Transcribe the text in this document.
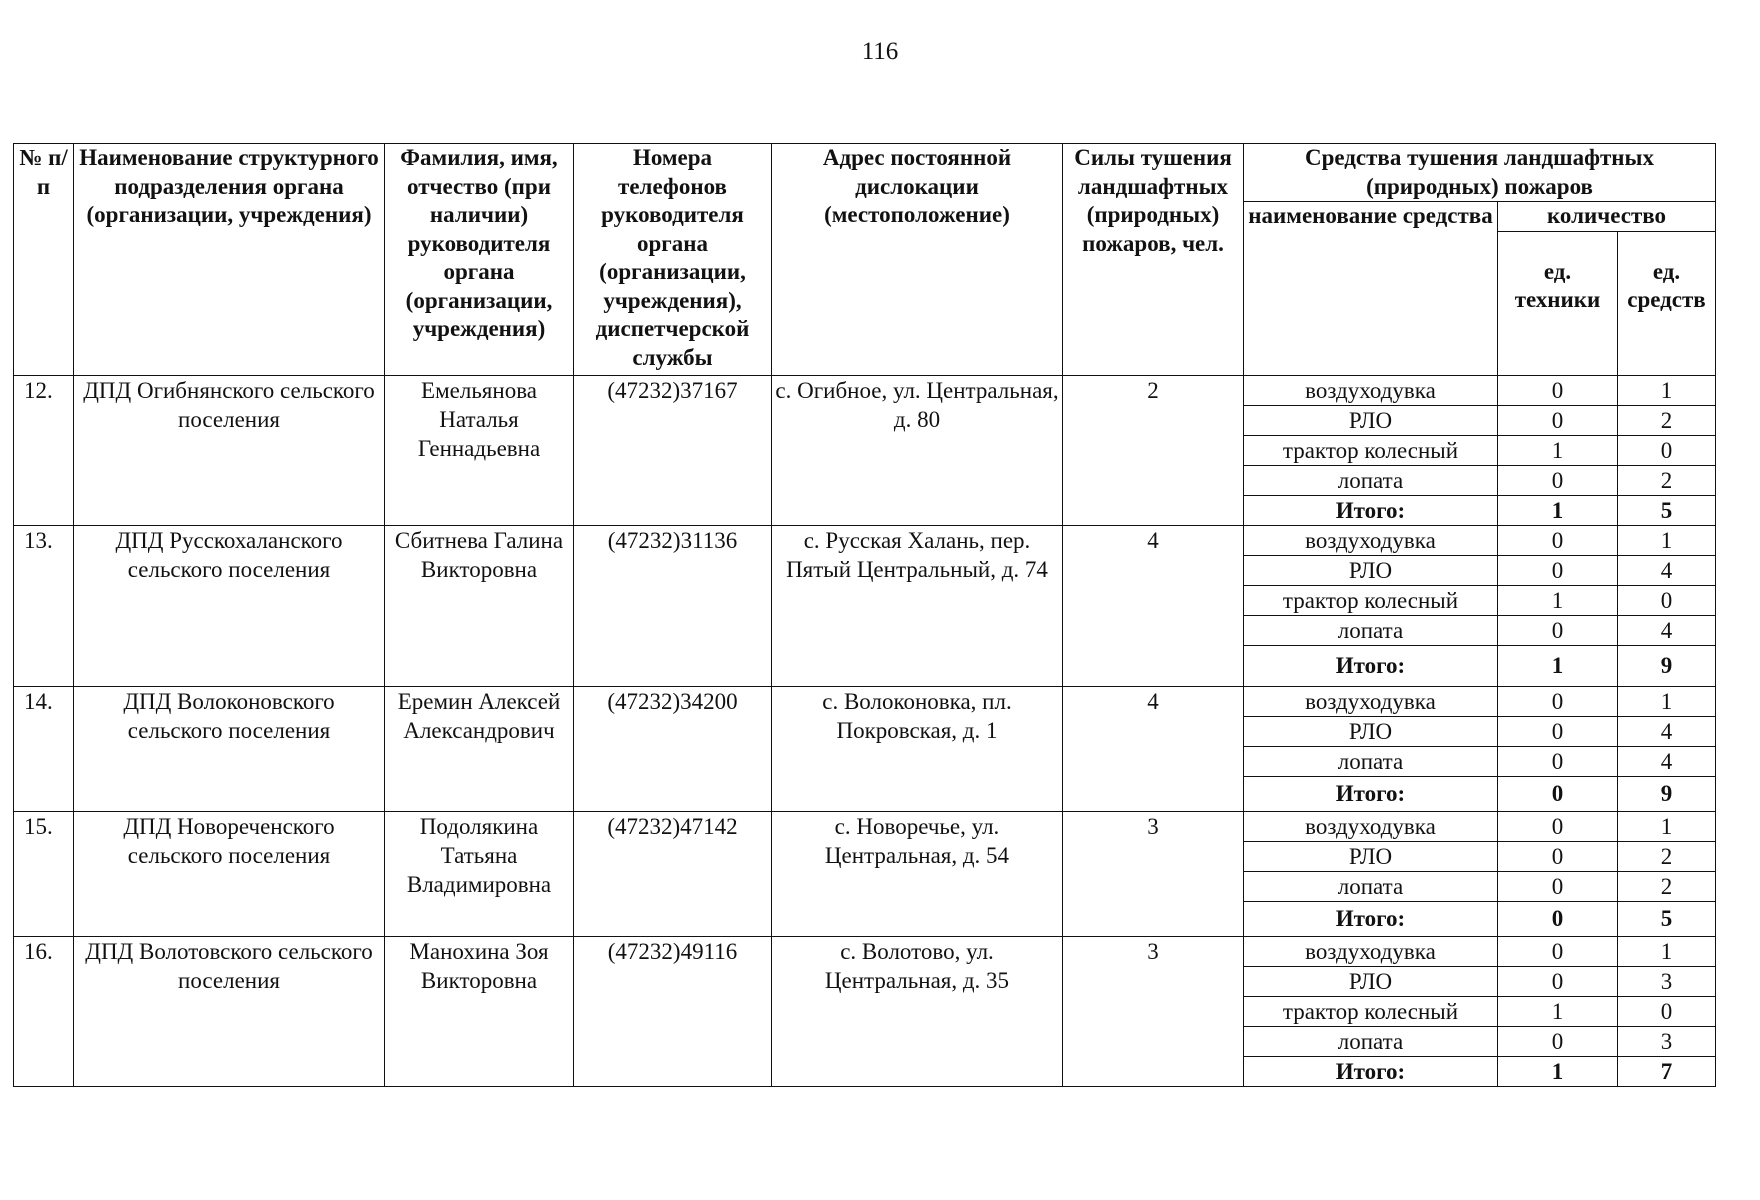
116
№ п/п	Наименование структурного подразделения органа (организации, учреждения)	Фамилия, имя, отчество (при наличии) руководителя органа (организации, учреждения)	Номера телефонов руководителя органа (организации, учреждения), диспетчерской службы	Адрес постоянной дислокации (местоположение)	Силы тушения ландшафтных (природных) пожаров, чел.	Средства тушения ландшафтных (природных) пожаров		
						наименование средства	количество	

							ед. техники	ед. средств

12.	ДПД Огибнянского сельского поселения	Емельянова Наталья Геннадьевна	(47232)37167	с. Огибное, ул. Центральная, д. 80	2	воздуходувка	0	1
						РЛО	0	2
						трактор колесный	1	0
						лопата	0	2
						Итого:	1	5
13.	ДПД Русскохаланского сельского поселения	Сбитнева Галина Викторовна	(47232)31136	с. Русская Халань, пер. Пятый Центральный, д. 74	4	воздуходувка	0	1
						РЛО	0	4
						трактор колесный	1	0
						лопата	0	4
						Итого:	1	9
14.	ДПД Волоконовского сельского поселения	Еремин Алексей Александрович	(47232)34200	с. Волоконовка, пл. Покровская, д. 1	4	воздуходувка	0	1
						РЛО	0	4
						лопата	0	4
						Итого:	0	9
15.	ДПД Новореченского сельского поселения	Подолякина Татьяна Владимировна	(47232)47142	с. Новоречье, ул. Центральная, д. 54	3	воздуходувка	0	1
						РЛО	0	2
						лопата	0	2
						Итого:	0	5
16.	ДПД Волотовского сельского поселения	Манохина Зоя Викторовна	(47232)49116	с. Волотово, ул. Центральная, д. 35	3	воздуходувка	0	1
						РЛО	0	3
						трактор колесный	1	0
						лопата	0	3
						Итого:	1	7
